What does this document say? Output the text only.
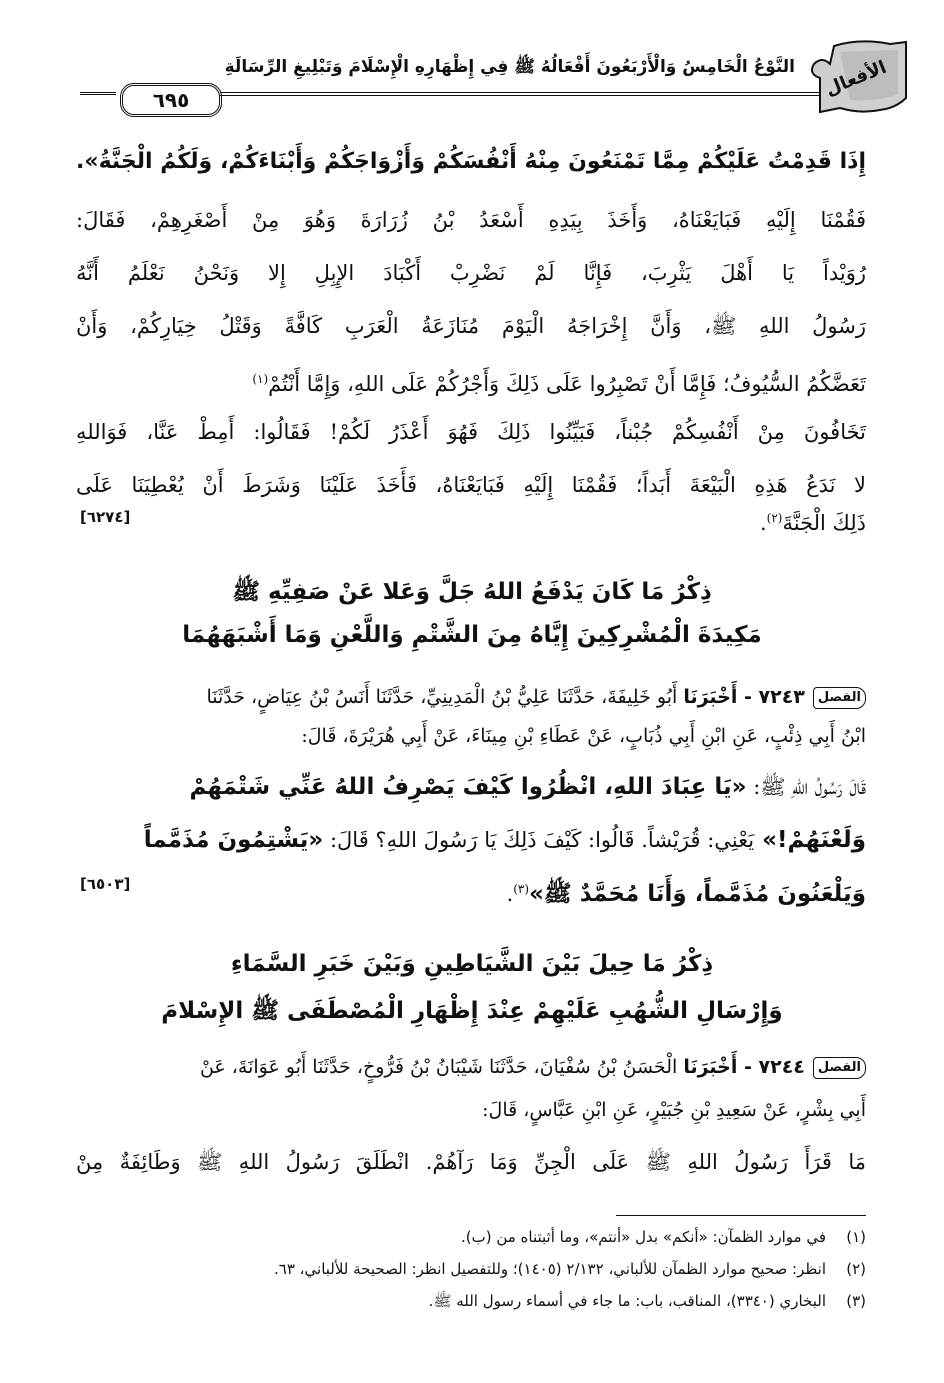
النَّوْعُ الْخَامِسُ وَالْأَرْبَعُونَ أَفْعَالُهُ ﷺ فِي إِظْهَارِهِ الْإِسْلَامَ وَتَبْلِيغِ الرِّسَالَةِ
٦٩٥	الأفعال
إِذَا قَدِمْتُ عَلَيْكُمْ مِمَّا تَمْنَعُونَ مِنْهُ أَنْفُسَكُمْ وَأَزْوَاجَكُمْ وَأَبْنَاءَكُمْ، وَلَكُمُ الْجَنَّةُ».
فَقُمْنَا إِلَيْهِ فَبَايَعْنَاهُ، وَأَخَذَ بِيَدِهِ أَسْعَدُ بْنُ زُرَارَةَ وَهُوَ مِنْ أَصْغَرِهِمْ، فَقَالَ:
رُوَيْداً يَا أَهْلَ يَثْرِبَ، فَإِنَّا لَمْ نَضْرِبْ أَكْبَادَ الإِبِلِ إِلا وَنَحْنُ نَعْلَمُ أَنَّهُ
رَسُولُ اللهِ ﷺ، وَأَنَّ إِخْرَاجَهُ الْيَوْمَ مُنَازَعَةُ الْعَرَبِ كَافَّةً وَقَتْلُ خِيَارِكُمْ، وَأَنْ
تَعَضَّكُمُ السُّيُوفُ؛ فَإِمَّا أَنْ تَصْبِرُوا عَلَى ذَلِكَ وَأَجْرُكُمْ عَلَى اللهِ، وَإِمَّا أَنْتُمْ$^{(١)}$
تَخَافُونَ مِنْ أَنْفُسِكُمْ جُبْناً، فَبَيِّنُوا ذَلِكَ فَهُوَ أَعْذَرُ لَكُمْ! فَقَالُوا: أَمِطْ عَنَّا، فَوَاللهِ
لا نَدَعُ هَذِهِ الْبَيْعَةَ أَبَداً؛ فَقُمْنَا إِلَيْهِ فَبَايَعْنَاهُ، فَأَخَذَ عَلَيْنَا وَشَرَطَ أَنْ يُعْطِيَنَا عَلَى
ذَلِكَ الْجَنَّةَ$^{(٢)}$.
[٦٢٧٤]
ذِكْرُ مَا كَانَ يَدْفَعُ اللهُ جَلَّ وَعَلا عَنْ صَفِيِّهِ ﷺ
مَكِيدَةَ الْمُشْرِكِينَ إِيَّاهُ مِنَ الشَّتْمِ وَاللَّعْنِ وَمَا أَشْبَهَهُمَا
الفصل٧٢٤٣ - أَخْبَرَنَا أَبُو خَلِيفَةَ، حَدَّثَنَا عَلِيُّ بْنُ الْمَدِينِيِّ، حَدَّثَنَا أَنَسُ بْنُ عِيَاضٍ، حَدَّثَنَا
ابْنُ أَبِي ذِئْبٍ، عَنِ ابْنِ أَبِي ذُبَابٍ، عَنْ عَطَاءِ بْنِ مِينَاءَ، عَنْ أَبِي هُرَيْرَةَ، قَالَ:
قَالَ رَسُولُ اللهِ ﷺ: «يَا عِبَادَ اللهِ، انْظُرُوا كَيْفَ يَصْرِفُ اللهُ عَنِّي شَتْمَهُمْ
وَلَعْنَهُمْ!» يَعْنِي: قُرَيْشاً. قَالُوا: كَيْفَ ذَلِكَ يَا رَسُولَ اللهِ؟ قَالَ: «يَشْتِمُونَ مُذَمَّماً
وَيَلْعَنُونَ مُذَمَّماً، وَأَنَا مُحَمَّدٌ ﷺ»$^{(٣)}$.
[٦٥٠٣]
ذِكْرُ مَا حِيلَ بَيْنَ الشَّيَاطِينِ وَبَيْنَ خَبَرِ السَّمَاءِ
وَإِرْسَالِ الشُّهُبِ عَلَيْهِمْ عِنْدَ إِظْهَارِ الْمُصْطَفَى ﷺ الإِسْلامَ
الفصل٧٢٤٤ - أَخْبَرَنَا الْحَسَنُ بْنُ سُفْيَانَ، حَدَّثَنَا شَيْبَانُ بْنُ فَرُّوخٍ، حَدَّثَنَا أَبُو عَوَانَةَ، عَنْ
أَبِي بِشْرٍ، عَنْ سَعِيدِ بْنِ جُبَيْرٍ، عَنِ ابْنِ عَبَّاسٍ، قَالَ:
مَا قَرَأَ رَسُولُ اللهِ ﷺ عَلَى الْجِنِّ وَمَا رَآهُمْ. انْطَلَقَ رَسُولُ اللهِ ﷺ وَطَائِفَةٌ مِنْ
(١)في موارد الظمآن: «أنكم» بدل «أنتم»، وما أثبتناه من (ب).
(٢)انظر: صحيح موارد الظمآن للألباني، ٢/١٣٢ (١٤٠٥)؛ وللتفصيل انظر: الصحيحة للألباني، ٦٣.
(٣)البخاري (٣٣٤٠)، المناقب، باب: ما جاء في أسماء رسول الله ﷺ.
